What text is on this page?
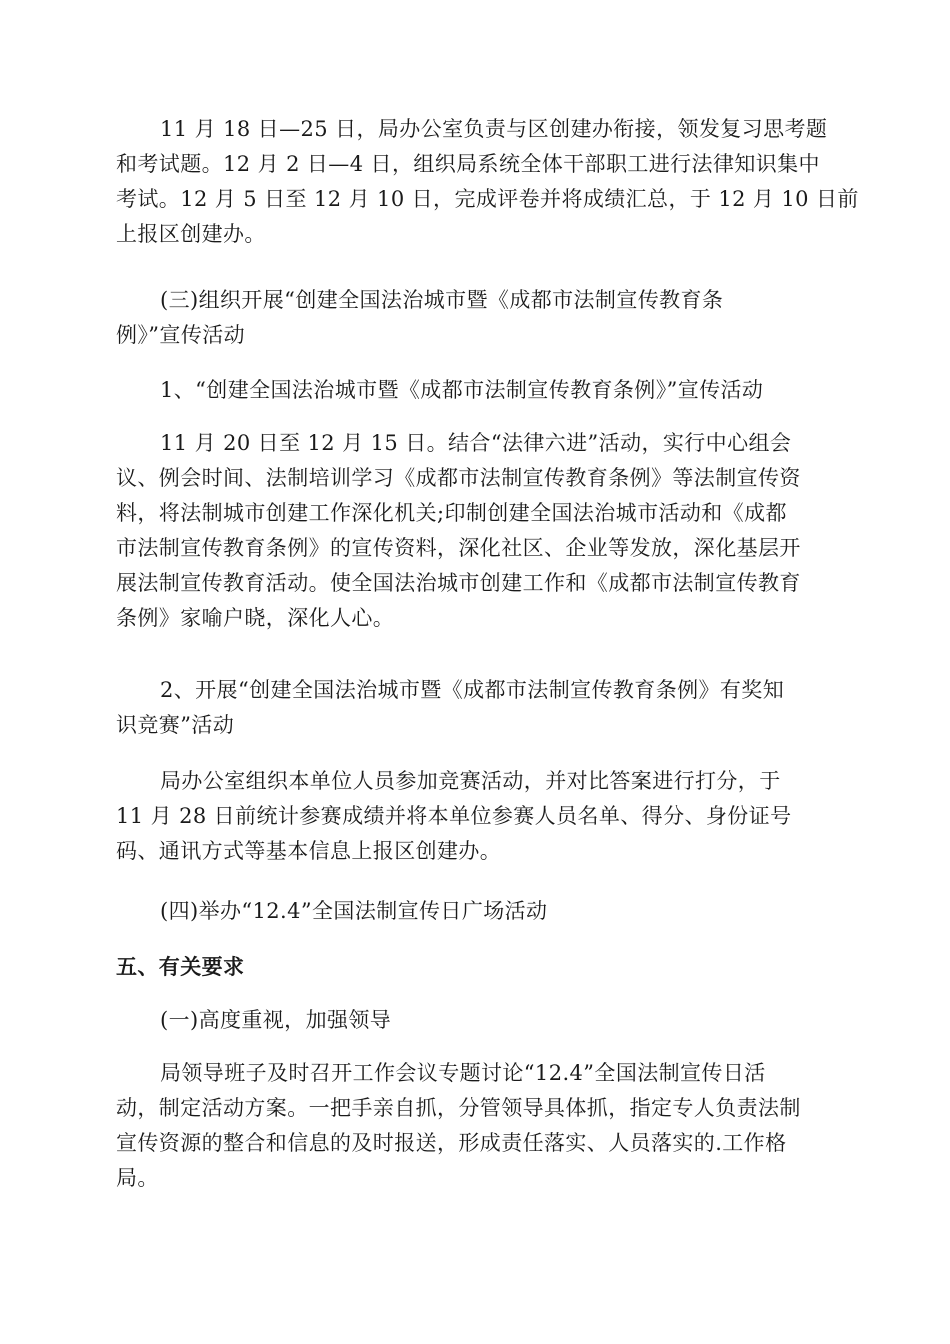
11 月 18 日—25 日，局办公室负责与区创建办衔接，领发复习思考题
和考试题。12 月 2 日—4 日，组织局系统全体干部职工进行法律知识集中
考试。12 月 5 日至 12 月 10 日，完成评卷并将成绩汇总，于 12 月 10 日前
上报区创建办。
(三)组织开展“创建全国法治城市暨《成都市法制宣传教育条
例》”宣传活动
1、“创建全国法治城市暨《成都市法制宣传教育条例》”宣传活动
11 月 20 日至 12 月 15 日。结合“法律六进”活动，实行中心组会
议、例会时间、法制培训学习《成都市法制宣传教育条例》等法制宣传资
料，将法制城市创建工作深化机关;印制创建全国法治城市活动和《成都
市法制宣传教育条例》的宣传资料，深化社区、企业等发放，深化基层开
展法制宣传教育活动。使全国法治城市创建工作和《成都市法制宣传教育
条例》家喻户晓，深化人心。
2、开展“创建全国法治城市暨《成都市法制宣传教育条例》有奖知
识竞赛”活动
局办公室组织本单位人员参加竞赛活动，并对比答案进行打分，于
11 月 28 日前统计参赛成绩并将本单位参赛人员名单、得分、身份证号
码、通讯方式等基本信息上报区创建办。
(四)举办“12.4”全国法制宣传日广场活动
五、有关要求
(一)高度重视，加强领导
局领导班子及时召开工作会议专题讨论“12.4”全国法制宣传日活
动，制定活动方案。一把手亲自抓，分管领导具体抓，指定专人负责法制
宣传资源的整合和信息的及时报送，形成责任落实、人员落实的.工作格
局。
